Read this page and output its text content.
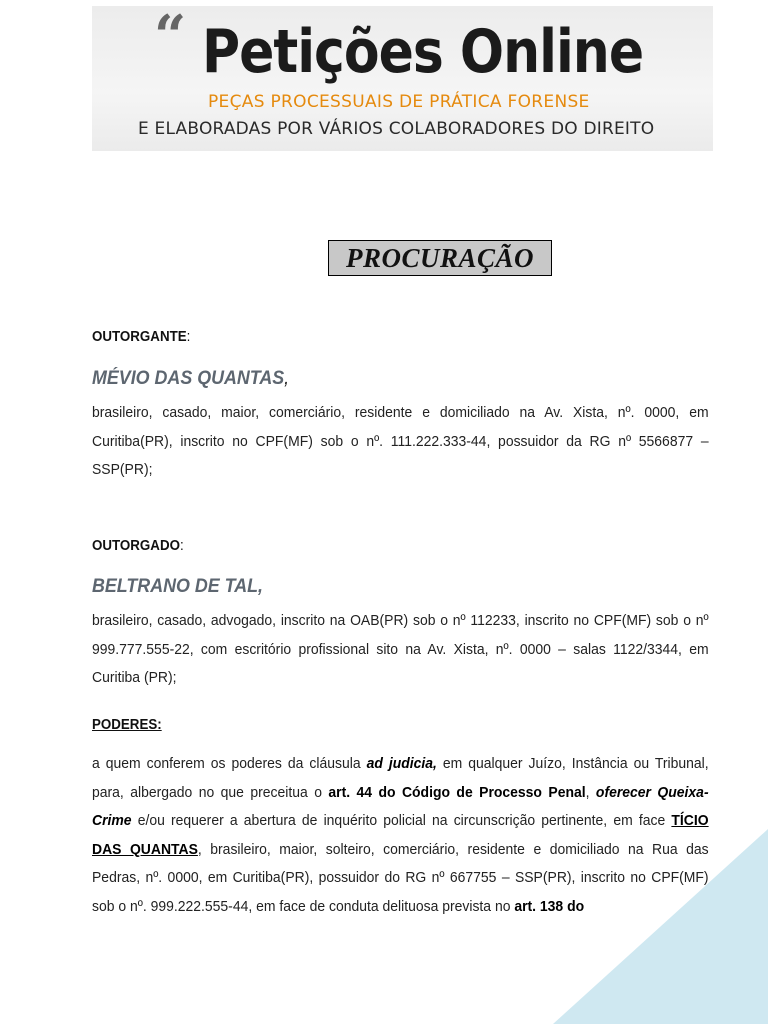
“ Petições Online
PEÇAS PROCESSUAIS DE PRÁTICA FORENSE
E ELABORADAS POR VÁRIOS COLABORADORES DO DIREITO
PROCURAÇÃO
OUTORGANTE:
MÉVIO DAS QUANTAS,
brasileiro, casado, maior, comerciário, residente e domiciliado na Av. Xista, nº. 0000, em Curitiba(PR), inscrito no CPF(MF) sob o nº. 111.222.333-44, possuidor da RG nº 5566877 – SSP(PR);
OUTORGADO:
BELTRANO DE TAL,
brasileiro, casado, advogado, inscrito na OAB(PR) sob o nº 112233, inscrito no CPF(MF) sob o nº 999.777.555-22, com escritório profissional sito na Av. Xista, nº. 0000 – salas 1122/3344, em Curitiba (PR);
PODERES:
a quem conferem os poderes da cláusula ad judicia, em qualquer Juízo, Instância ou Tribunal, para, albergado no que preceitua o art. 44 do Código de Processo Penal, oferecer Queixa-Crime e/ou requerer a abertura de inquérito policial na circunscrição pertinente, em face TÍCIO DAS QUANTAS, brasileiro, maior, solteiro, comerciário, residente e domiciliado na Rua das Pedras, nº. 0000, em Curitiba(PR), possuidor do RG nº 667755 – SSP(PR), inscrito no CPF(MF) sob o nº. 999.222.555-44, em face de conduta delituosa prevista no art. 138 do
2
